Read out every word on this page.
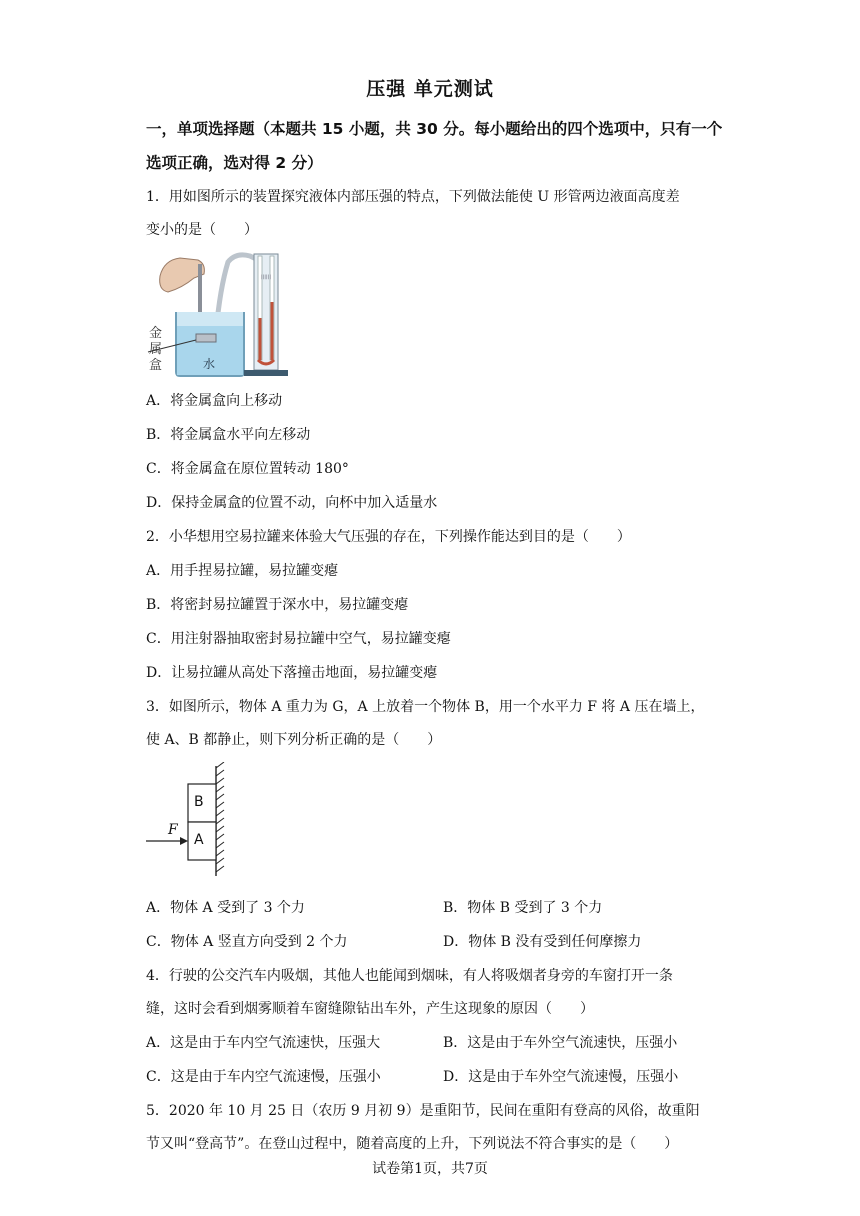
压强 单元测试
一，单项选择题（本题共 15 小题，共 30 分。每小题给出的四个选项中，只有一个选项正确，选对得 2 分）
1．用如图所示的装置探究液体内部压强的特点，下列做法能使 U 形管两边液面高度差
变小的是（　　）
||||||
金
属
盒	水
A．将金属盒向上移动
B．将金属盒水平向左移动
C．将金属盒在原位置转动 180°
D．保持金属盒的位置不动，向杯中加入适量水
2．小华想用空易拉罐来体验大气压强的存在，下列操作能达到目的是（　　）
A．用手捏易拉罐，易拉罐变瘪
B．将密封易拉罐置于深水中，易拉罐变瘪
C．用注射器抽取密封易拉罐中空气，易拉罐变瘪
D．让易拉罐从高处下落撞击地面，易拉罐变瘪
3．如图所示，物体 A 重力为 G，A 上放着一个物体 B，用一个水平力 F 将 A 压在墙上，
使 A、B 都静止，则下列分析正确的是（　　）
B
A
F
A．物体 A 受到了 3 个力	B．物体 B 受到了 3 个力
C．物体 A 竖直方向受到 2 个力	D．物体 B 没有受到任何摩擦力
4．行驶的公交汽车内吸烟，其他人也能闻到烟味，有人将吸烟者身旁的车窗打开一条
缝，这时会看到烟雾顺着车窗缝隙钻出车外，产生这现象的原因（　　）
A．这是由于车内空气流速快，压强大	B．这是由于车外空气流速快，压强小
C．这是由于车内空气流速慢，压强小	D．这是由于车外空气流速慢，压强小
5．2020 年 10 月 25 日（农历 9 月初 9）是重阳节，民间在重阳有登高的风俗，故重阳
节又叫“登高节”。在登山过程中，随着高度的上升，下列说法不符合事实的是（　　）
试卷第1页，共7页
